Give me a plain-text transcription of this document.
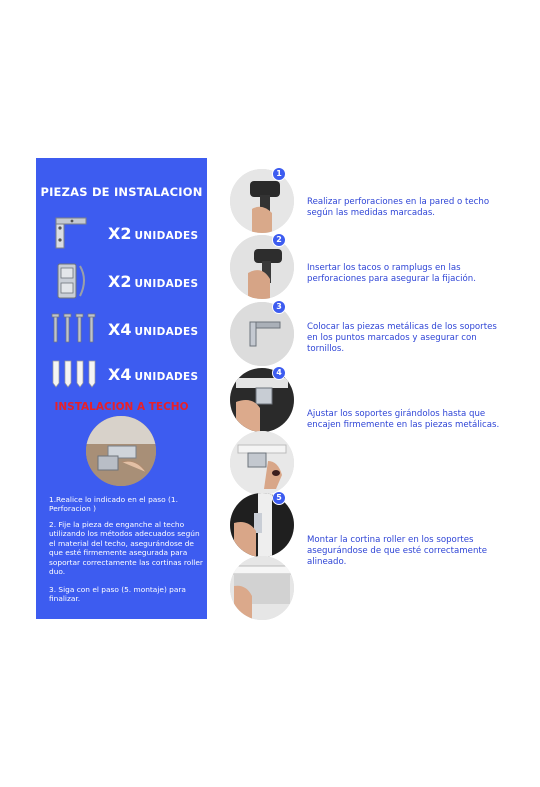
PIEZAS DE INSTALACION
X2 UNIDADES
X2 UNIDADES
X4 UNIDADES
X4 UNIDADES
INSTALACION A TECHO
1.Realice lo indicado en el paso (1. Perforacion )
2. Fije la pieza de enganche al techo utilizando los métodos adecuados según el material del techo, asegurándose de que esté firmemente asegurada para soportar correctamente las cortinas roller duo.
3. Siga con el paso (5. montaje) para finalizar.
1
2
3
4
5
Realizar perforaciones en la pared o techo según las medidas marcadas.
Insertar los tacos o ramplugs en las perforaciones para asegurar la fijación.
Colocar las piezas metálicas de los soportes en los puntos marcados y asegurar con tornillos.
Ajustar los soportes girándolos hasta que encajen firmemente en las piezas metálicas.
Montar la cortina roller en los soportes asegurándose de que esté correctamente alineado.
